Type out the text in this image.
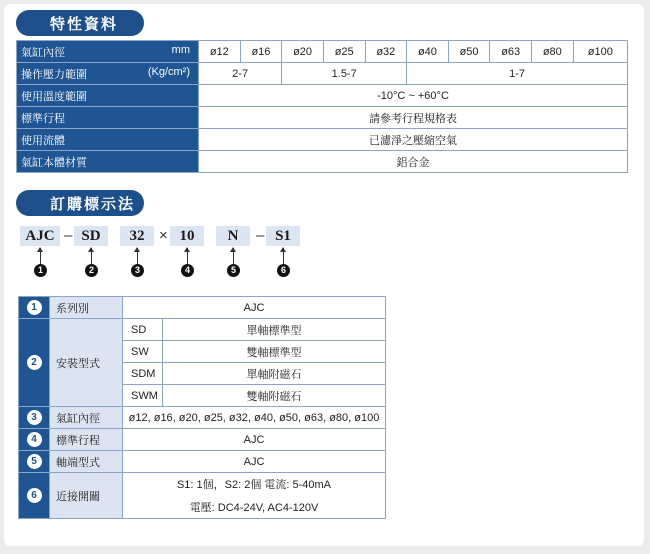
特性資料
氣缸內徑 mm	ø12	ø16	ø20	ø25	ø32	ø40	ø50	ø63	ø80	ø100
操作壓力範圍 (Kg/cm²)	2-7		1.5-7			1-7				
使用溫度範圍	-10°C ~ +60°C									
標準行程	請參考行程規格表									
使用流體	已濾淨之壓縮空氣									
氣缸本體材質	鋁合金									
訂購標示法
AJC – SD	32 × 10	N	– S1
1	2	3	4	5	6
1	系列別	AJC	
2	安裝型式	SD	單軸標準型
		SW	雙軸標準型
		SDM	單軸附磁石
		SWM	雙軸附磁石
3	氣缸內徑	ø12, ø16, ø20, ø25, ø32, ø40, ø50, ø63, ø80, ø100	
4	標準行程	AJC	
5	軸端型式	AJC	
6	近接開關	S1: 1個，S2: 2個 電流: 5-40mA	
		電壓: DC4-24V, AC4-120V	
